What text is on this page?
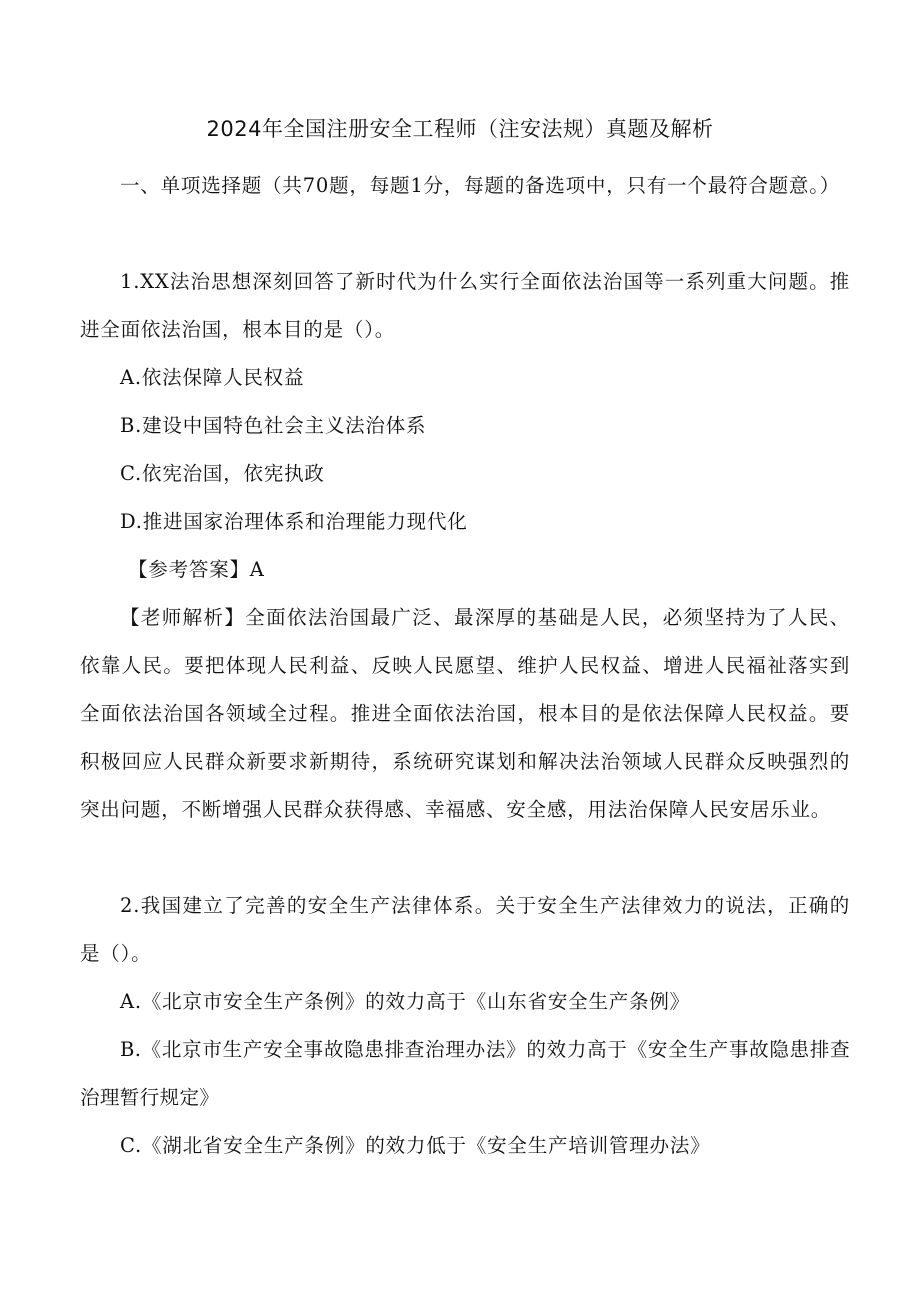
2024年全国注册安全工程师（注安法规）真题及解析

一、单项选择题（共70题，每题1分，每题的备选项中，只有一个最符合题意。）

1.XX法治思想深刻回答了新时代为什么实行全面依法治国等一系列重大问题。推进全面依法治国，根本目的是（）。

A.依法保障人民权益

B.建设中国特色社会主义法治体系

C.依宪治国，依宪执政

D.推进国家治理体系和治理能力现代化

【参考答案】A

【老师解析】全面依法治国最广泛、最深厚的基础是人民，必须坚持为了人民、依靠人民。要把体现人民利益、反映人民愿望、维护人民权益、增进人民福祉落实到全面依法治国各领域全过程。推进全面依法治国，根本目的是依法保障人民权益。要积极回应人民群众新要求新期待，系统研究谋划和解决法治领域人民群众反映强烈的突出问题，不断增强人民群众获得感、幸福感、安全感，用法治保障人民安居乐业。

2.我国建立了完善的安全生产法律体系。关于安全生产法律效力的说法，正确的是（）。

A.《北京市安全生产条例》的效力高于《山东省安全生产条例》

B.《北京市生产安全事故隐患排查治理办法》的效力高于《安全生产事故隐患排查治理暂行规定》

C.《湖北省安全生产条例》的效力低于《安全生产培训管理办法》
